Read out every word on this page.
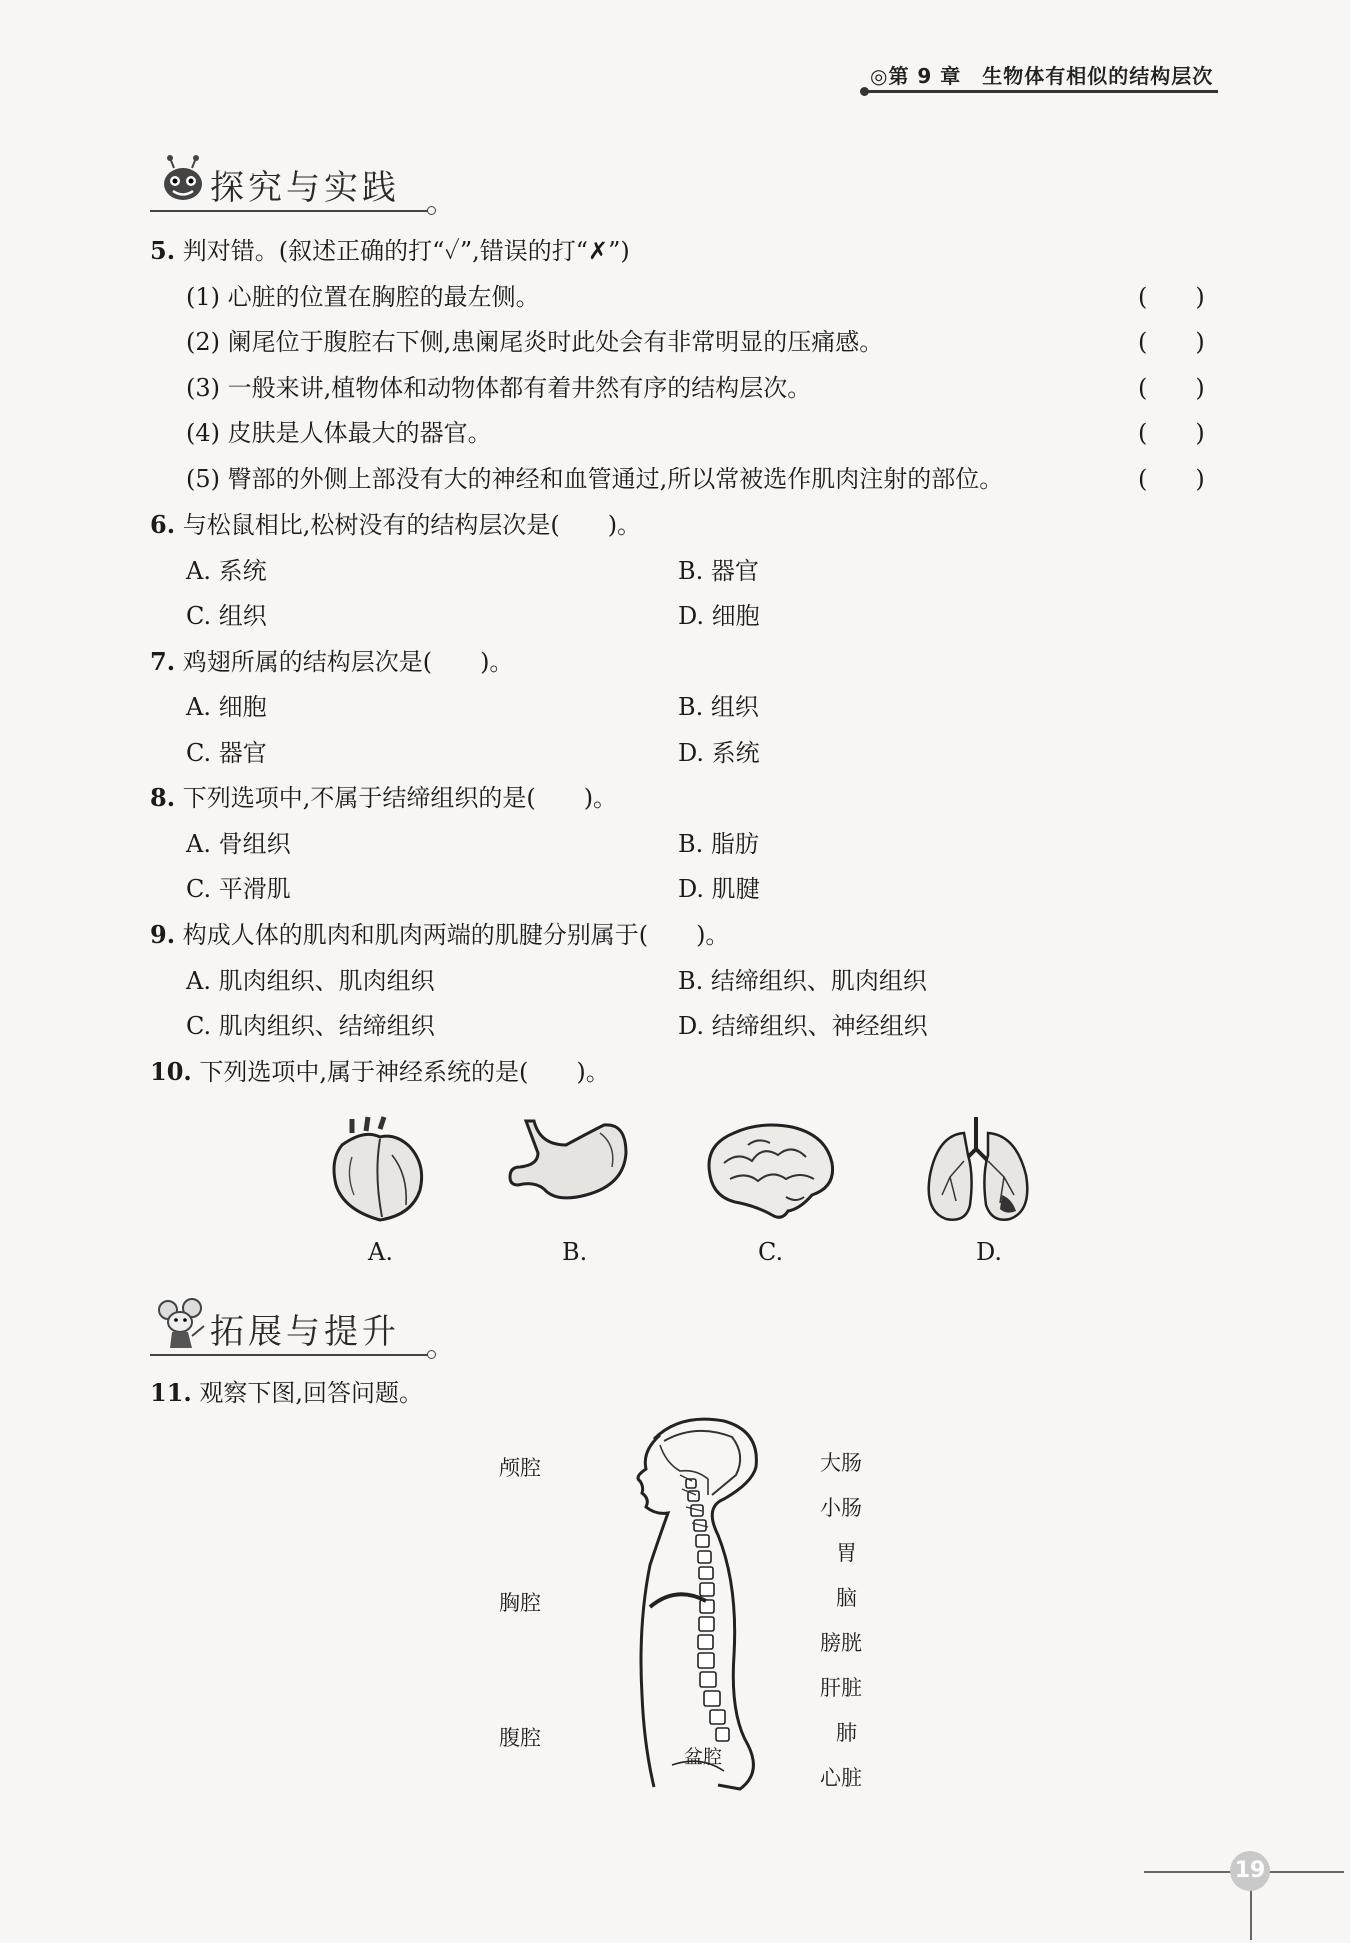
◎第 9 章　生物体有相似的结构层次
探究与实践
5. 判对错。(叙述正确的打“✓”,错误的打“✗”)
(1) 心脏的位置在胸腔的最左侧。	(　　)
(2) 阑尾位于腹腔右下侧,患阑尾炎时此处会有非常明显的压痛感。	(　　)
(3) 一般来讲,植物体和动物体都有着井然有序的结构层次。	(　　)
(4) 皮肤是人体最大的器官。	(　　)
(5) 臀部的外侧上部没有大的神经和血管通过,所以常被选作肌肉注射的部位。	(　　)
6. 与松鼠相比,松树没有的结构层次是(　　)。
A. 系统	B. 器官
C. 组织	D. 细胞
7. 鸡翅所属的结构层次是(　　)。
A. 细胞	B. 组织
C. 器官	D. 系统
8. 下列选项中,不属于结缔组织的是(　　)。
A. 骨组织	B. 脂肪
C. 平滑肌	D. 肌腱
9. 构成人体的肌肉和肌肉两端的肌腱分别属于(　　)。
A. 肌肉组织、肌肉组织	B. 结缔组织、肌肉组织
C. 肌肉组织、结缔组织	D. 结缔组织、神经组织
10. 下列选项中,属于神经系统的是(　　)。
A.	B.	C.	D.
拓展与提升
11. 观察下图,回答问题。
颅腔
胸腔
腹腔
盆腔
大肠
小肠
胃
脑
膀胱
肝脏
肺
心脏
19
